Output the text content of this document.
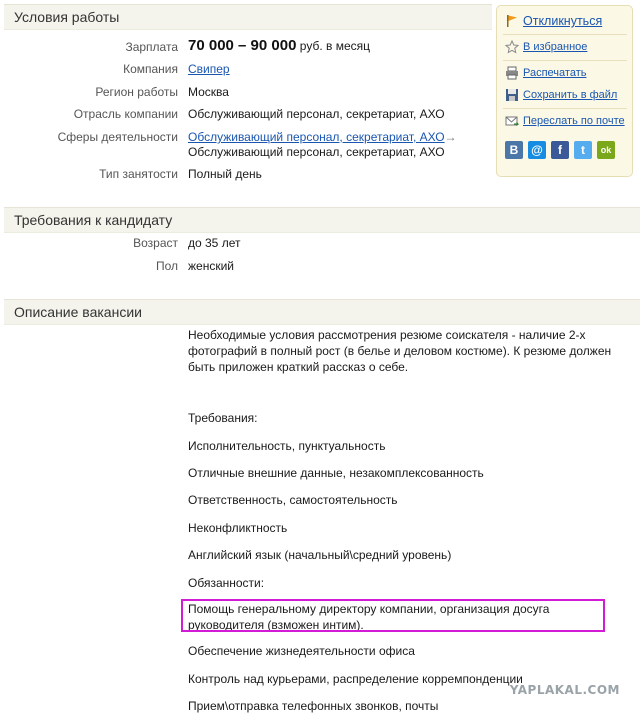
Условия работы
Зарплата 70 000 – 90 000 руб. в месяц
Компания Свипер
Регион работы Москва
Отрасль компании Обслуживающий персонал, секретариат, АХО
Сферы деятельности Обслуживающий персонал, секретариат, АХО→
Обслуживающий персонал, секретариат, АХО
Тип занятости Полный день
Откликнуться
В избранное
Распечатать
Сохранить в файл
Переслать по почте
B	@	f	t	ok
Требования к кандидату
Возраст до 35 лет
Пол женский
Описание вакансии
Необходимые условия рассмотрения резюме соискателя - наличие 2-х фотографий в полный рост (в белье и деловом костюме). К резюме должен быть приложен краткий рассказ о себе.
Требования:
Исполнительность, пунктуальность
Отличные внешние данные, незакомплексованность
Ответственность, самостоятельность
Неконфликтность
Английский язык (начальный\средний уровень)
Обязанности:
Помощь генеральному директору компании, организация досуга руководителя (взможен интим).
Обеспечение жизнедеятельности офиса
Контроль над курьерами, распределение корремпонденции
Прием\отправка телефонных звонков, почты
YAPLAKAL.COM
